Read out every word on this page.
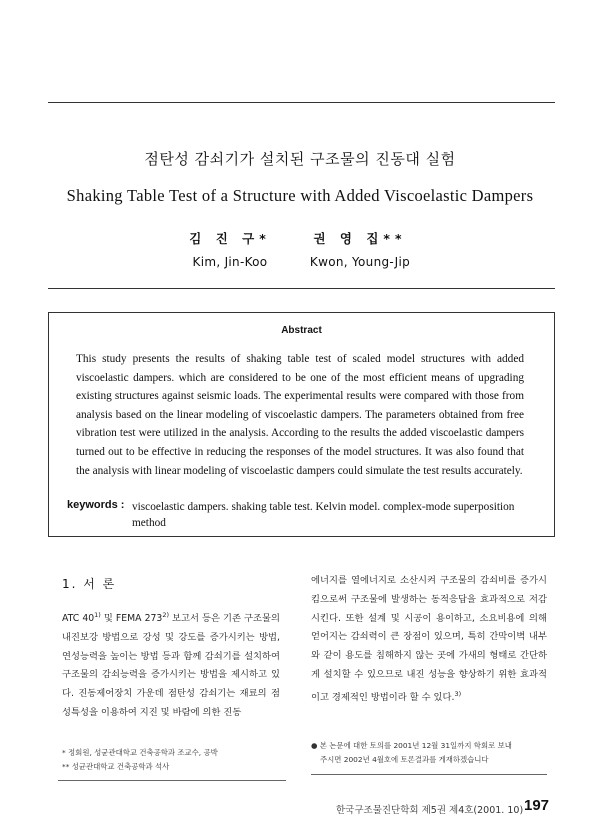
점탄성 감쇠기가 설치된 구조물의 진동대 실험
Shaking Table Test of a Structure with Added Viscoelastic Dampers
김 진 구*
Kim, Jin-Koo
권 영 집**
Kwon, Young-Jip
Abstract
This study presents the results of shaking table test of scaled model structures with added viscoelastic dampers. which are considered to be one of the most efficient means of upgrading existing structures against seismic loads. The experimental results were compared with those from analysis based on the linear modeling of viscoelastic dampers. The parameters obtained from free vibration test were utilized in the analysis. According to the results the added viscoelastic dampers turned out to be effective in reducing the responses of the model structures. It was also found that the analysis with linear modeling of viscoelastic dampers could simulate the test results accurately.
keywords : viscoelastic dampers. shaking table test. Kelvin model. complex-mode superposition method
1. 서 론
ATC 40$^{1)}$ 및 FEMA 273$^{2)}$ 보고서 등은 기존 구조물의 내진보강 방법으로 강성 및 강도를 증가시키는 방법, 연성능력을 높이는 방법 등과 함께 감쇠기를 설치하여 구조물의 감쇠능력을 증가시키는 방법을 제시하고 있다. 진동제어장치 가운데 점탄성 감쇠기는 재료의 점성특성을 이용하여 지진 및 바람에 의한 진동
에너지를 열에너지로 소산시켜 구조물의 감쇠비를 증가시킴으로써 구조물에 발생하는 동적응답을 효과적으로 저감시킨다. 또한 설계 및 시공이 용이하고, 소요비용에 의해 얻어지는 감쇠력이 큰 장점이 있으며, 특히 간막이벽 내부와 같이 용도를 침해하지 않는 곳에 가새의 형태로 간단하게 설치할 수 있으므로 내진 성능을 향상하기 위한 효과적이고 경제적인 방법이라 할 수 있다.$^{3)}$
* 정회원, 성균관대학교 건축공학과 조교수, 공박
** 성균관대학교 건축공학과 석사
● 본 논문에 대한 토의를 2001년 12월 31일까지 학회로 보내
주시면 2002년 4월호에 토론결과를 게재하겠습니다
한국구조물진단학회 제5권 제4호(2001. 10) 197
